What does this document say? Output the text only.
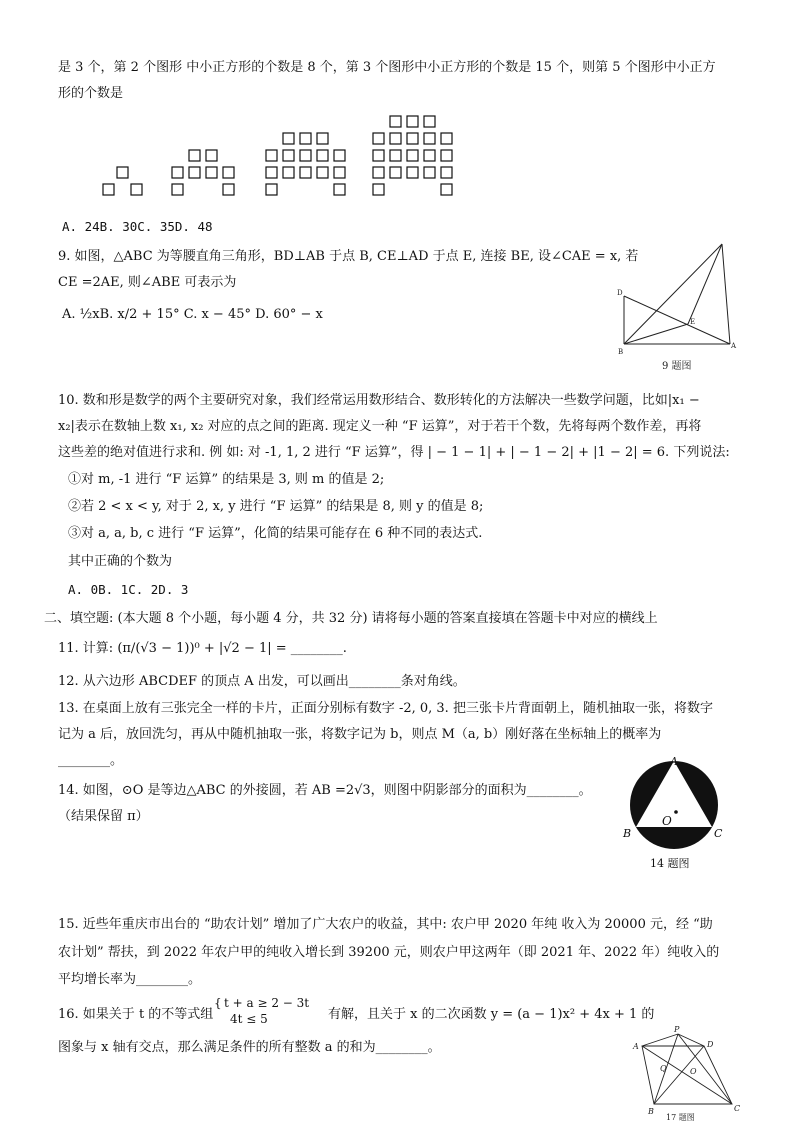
是 3 个，第 2 个图形 中小正方形的个数是 8 个，第 3 个图形中小正方形的个数是 15 个，则第 5 个图形中小正方
形的个数是
A. 24B. 30C. 35D. 48
9. 如图，△ABC 为等腰直角三角形，BD⊥AB 于点 B, CE⊥AD 于点 E, 连接 BE, 设∠CAE = x, 若
CE =2AE, 则∠ABE 可表示为
A. ½xB. x/2 + 15° C. x − 45° D. 60° − x
D
E
B
A
9 题图
10. 数和形是数学的两个主要研究对象，我们经常运用数形结合、数形转化的方法解决一些数学问题，比如|x₁ −
x₂|表示在数轴上数 x₁, x₂ 对应的点之间的距离. 现定义一种 “F 运算”，对于若干个数，先将每两个数作差，再将
这些差的绝对值进行求和. 例 如: 对 -1, 1, 2 进行 “F 运算”，得 | − 1 − 1| + | − 1 − 2| + |1 − 2| = 6. 下列说法:
①对 m, -1 进行 “F 运算” 的结果是 3, 则 m 的值是 2;
②若 2 < x < y, 对于 2, x, y 进行 “F 运算” 的结果是 8, 则 y 的值是 8;
③对 a, a, b, c 进行 “F 运算”，化简的结果可能存在 6 种不同的表达式.
其中正确的个数为
A. 0B. 1C. 2D. 3
二、填空题: (本大题 8 个小题，每小题 4 分，共 32 分) 请将每小题的答案直接填在答题卡中对应的横线上
11. 计算: (π/(√3 − 1))⁰ + |√2 − 1| = ________.
12. 从六边形 ABCDEF 的顶点 A 出发，可以画出________条对角线。
13. 在桌面上放有三张完全一样的卡片，正面分别标有数字 -2, 0, 3. 把三张卡片背面朝上，随机抽取一张，将数字
记为 a 后，放回洗匀，再从中随机抽取一张，将数字记为 b，则点 M（a, b）刚好落在坐标轴上的概率为
________。
14. 如图，⊙O 是等边△ABC 的外接圆，若 AB =2√3，则图中阴影部分的面积为________。
（结果保留 π）
A
O
B	C
14 题图
15. 近些年重庆市出台的 “助农计划” 增加了广大农户的收益，其中: 农户甲 2020 年纯 收入为 20000 元，经 “助
农计划” 帮扶，到 2022 年农户甲的纯收入增长到 39200 元，则农户甲这两年（即 2021 年、2022 年）纯收入的
平均增长率为________。
16. 如果关于 t 的不等式组
{ t + a ≥ 2 − 3t
4t ≤ 5	有解，且关于 x 的二次函数 y = (a − 1)x² + 4x + 1 的
图象与 x 轴有交点，那么满足条件的所有整数 a 的和为________。	A
P
D
Q	O
B	C
17 题图
